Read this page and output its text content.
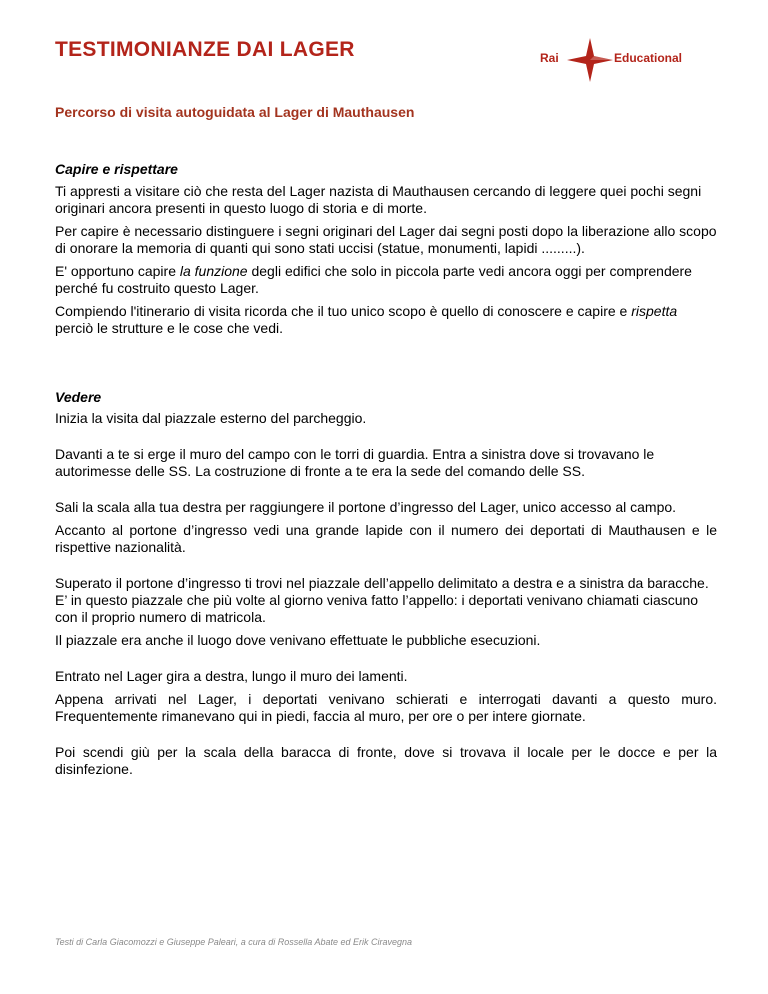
TESTIMONIANZE DAI LAGER	Rai	Educational

Percorso di visita autoguidata al Lager di Mauthausen

Capire e rispettare

Ti appresti a visitare ciò che resta del Lager nazista di Mauthausen cercando di leggere quei pochi segni originari ancora presenti in questo luogo di storia e di morte.

Per capire è necessario distinguere i segni originari del Lager dai segni posti dopo la liberazione allo scopo di onorare la memoria di quanti qui sono stati uccisi (statue, monumenti, lapidi .........).

E' opportuno capire la funzione degli edifici che solo in piccola parte vedi ancora oggi per comprendere perché fu costruito questo Lager.

Compiendo l'itinerario di visita ricorda che il tuo unico scopo è quello di conoscere e capire e rispetta perciò le strutture e le cose che vedi.

Vedere

Inizia la visita dal piazzale esterno del parcheggio.

Davanti a te si erge il muro del campo con le torri di guardia. Entra a sinistra dove si trovavano le autorimesse delle SS. La costruzione di fronte a te era la sede del comando delle SS.

Sali la scala alla tua destra per raggiungere il portone d’ingresso del Lager, unico accesso al campo.

Accanto al portone d’ingresso vedi una grande lapide con il numero dei deportati di Mauthausen e le rispettive nazionalità.

Superato il portone d’ingresso ti trovi nel piazzale dell’appello delimitato a destra e a sinistra da baracche. E’ in questo piazzale che più volte al giorno veniva fatto l’appello: i deportati venivano chiamati ciascuno con il proprio numero di matricola.

Il piazzale era anche il luogo dove venivano effettuate le pubbliche esecuzioni.

Entrato nel Lager gira a destra, lungo il muro dei lamenti.

Appena arrivati nel Lager, i deportati venivano schierati e interrogati davanti a questo muro. Frequentemente rimanevano qui in piedi, faccia al muro, per ore o per intere giornate.

Poi scendi giù per la scala della baracca di fronte, dove si trovava il locale per le docce e per la disinfezione.

Testi di Carla Giacomozzi e Giuseppe Paleari, a cura di Rossella Abate ed Erik Ciravegna
